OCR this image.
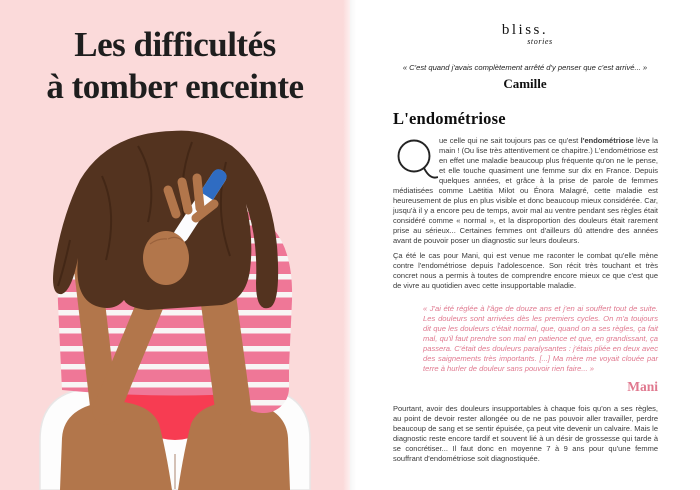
Les difficultés
à tomber enceinte
bliss.
stories
« C'est quand j'avais complètement arrêté d'y penser que c'est arrivé... »
Camille
L'endométriose

ue celle qui ne sait toujours pas ce qu'est l'endométriose lève la main ! (Ou lise très attentivement ce chapitre.) L'endométriose est en effet une maladie beaucoup plus fréquente qu'on ne le pense, et elle touche quasiment une femme sur dix en France. Depuis quelques années, et grâce à la prise de parole de femmes médiatisées comme Laëtitia Milot ou Énora Malagré, cette maladie est heureusement de plus en plus visible et donc beaucoup mieux considérée. Car, jusqu'à il y a encore peu de temps, avoir mal au ventre pendant ses règles était considéré comme « normal », et la disproportion des douleurs était rarement prise au sérieux... Certaines femmes ont d'ailleurs dû attendre des années avant de pouvoir poser un diagnostic sur leurs douleurs.

Ça été le cas pour Mani, qui est venue me raconter le combat qu'elle mène contre l'endométriose depuis l'adolescence. Son récit très touchant et très concret nous a permis à toutes de comprendre encore mieux ce que c'est que de vivre au quotidien avec cette insupportable maladie.

« J'ai été réglée à l'âge de douze ans et j'en ai souffert tout de suite. Les douleurs sont arrivées dès les premiers cycles. On m'a toujours dit que les douleurs c'était normal, que, quand on a ses règles, ça fait mal, qu'il faut prendre son mal en patience et que, en grandissant, ça passera. C'était des douleurs paralysantes : j'étais pliée en deux avec des saignements très importants. [...] Ma mère me voyait clouée par terre à hurler de douleur sans pouvoir rien faire... »
Mani

Pourtant, avoir des douleurs insupportables à chaque fois qu'on a ses règles, au point de devoir rester allongée ou de ne pas pouvoir aller travailler, perdre beaucoup de sang et se sentir épuisée, ça peut vite devenir un calvaire. Mais le diagnostic reste encore tardif et souvent lié à un désir de grossesse qui tarde à se concrétiser... Il faut donc en moyenne 7 à 9 ans pour qu'une femme souffrant d'endométriose soit diagnostiquée.
